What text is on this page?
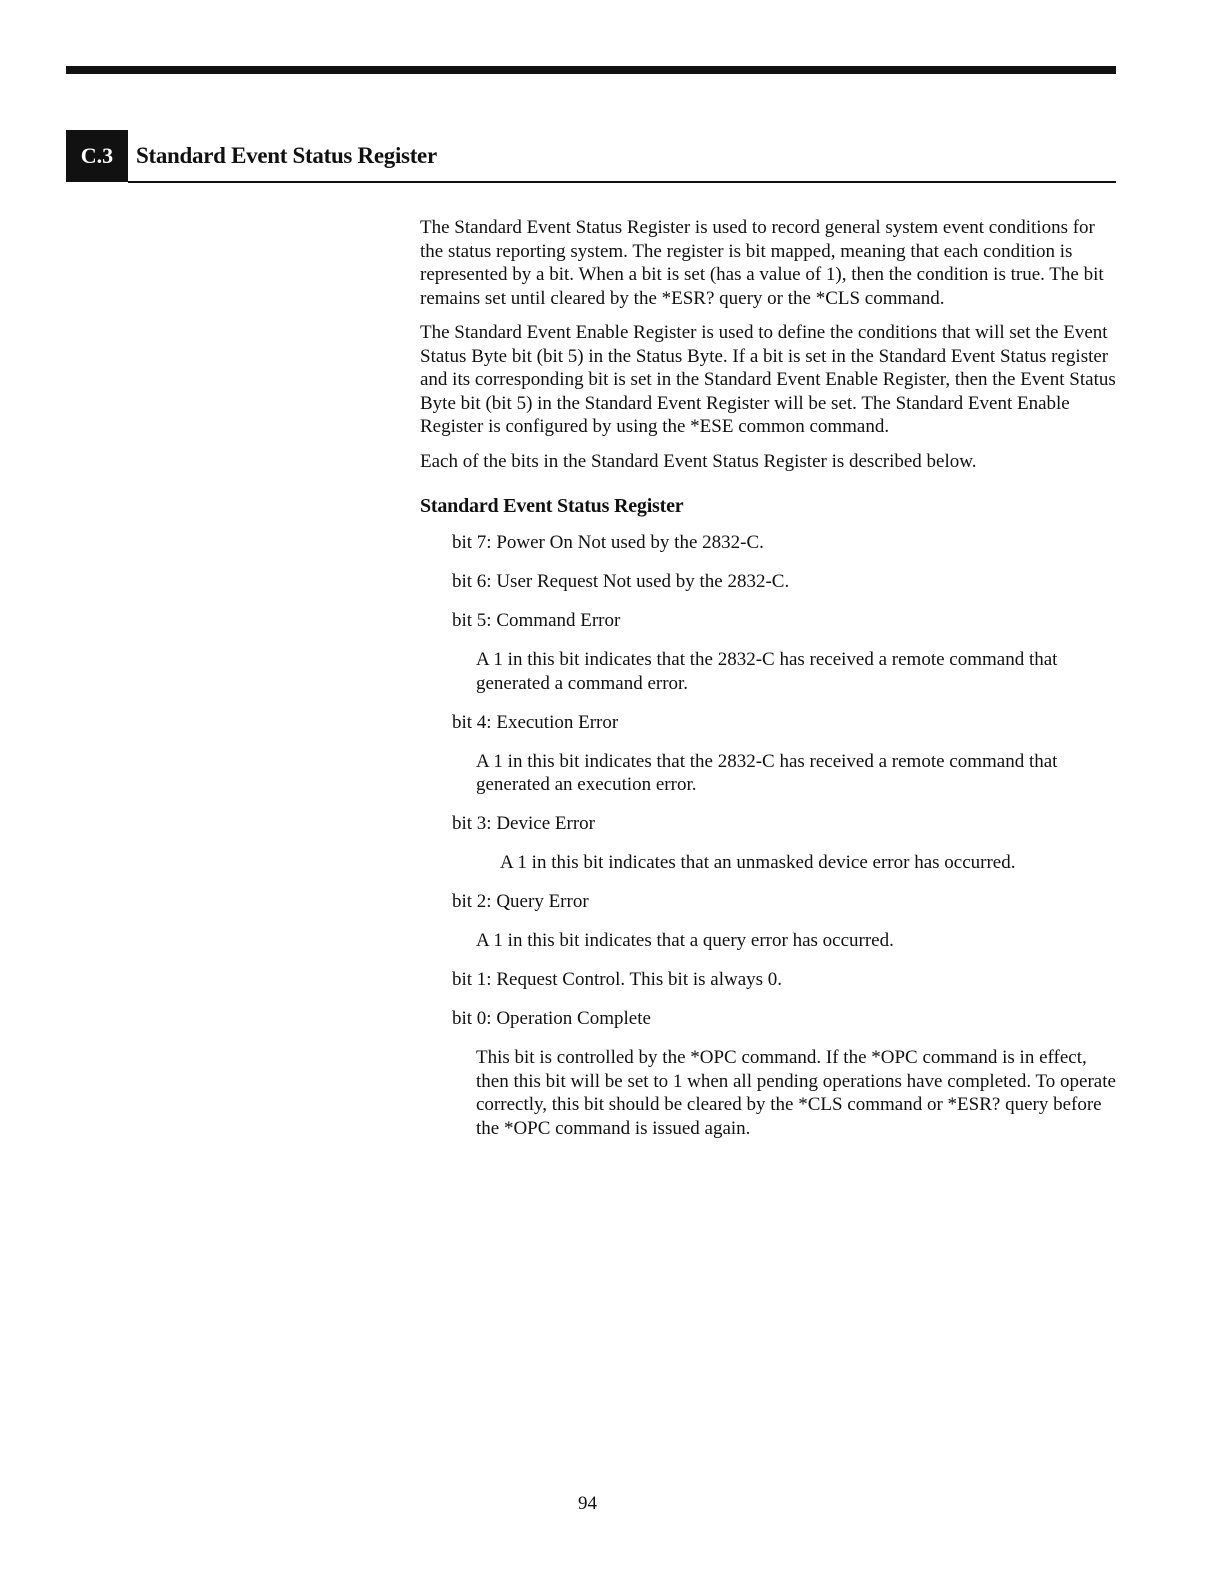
C.3 Standard Event Status Register

The Standard Event Status Register is used to record general system event conditions for the status reporting system. The register is bit mapped, meaning that each condition is represented by a bit. When a bit is set (has a value of 1), then the condition is true. The bit remains set until cleared by the *ESR? query or the *CLS command.

The Standard Event Enable Register is used to define the conditions that will set the Event Status Byte bit (bit 5) in the Status Byte. If a bit is set in the Standard Event Status register and its corresponding bit is set in the Standard Event Enable Register, then the Event Status Byte bit (bit 5) in the Standard Event Register will be set. The Standard Event Enable Register is configured by using the *ESE common command.

Each of the bits in the Standard Event Status Register is described below.

Standard Event Status Register
bit 7: Power On Not used by the 2832-C.
bit 6: User Request Not used by the 2832-C.
bit 5: Command Error
A 1 in this bit indicates that the 2832-C has received a remote command that generated a command error.
bit 4: Execution Error
A 1 in this bit indicates that the 2832-C has received a remote command that generated an execution error.
bit 3: Device Error
A 1 in this bit indicates that an unmasked device error has occurred.
bit 2: Query Error
A 1 in this bit indicates that a query error has occurred.
bit 1: Request Control. This bit is always 0.
bit 0: Operation Complete
This bit is controlled by the *OPC command. If the *OPC command is in effect, then this bit will be set to 1 when all pending operations have completed. To operate correctly, this bit should be cleared by the *CLS command or *ESR? query before the *OPC command is issued again.
94
